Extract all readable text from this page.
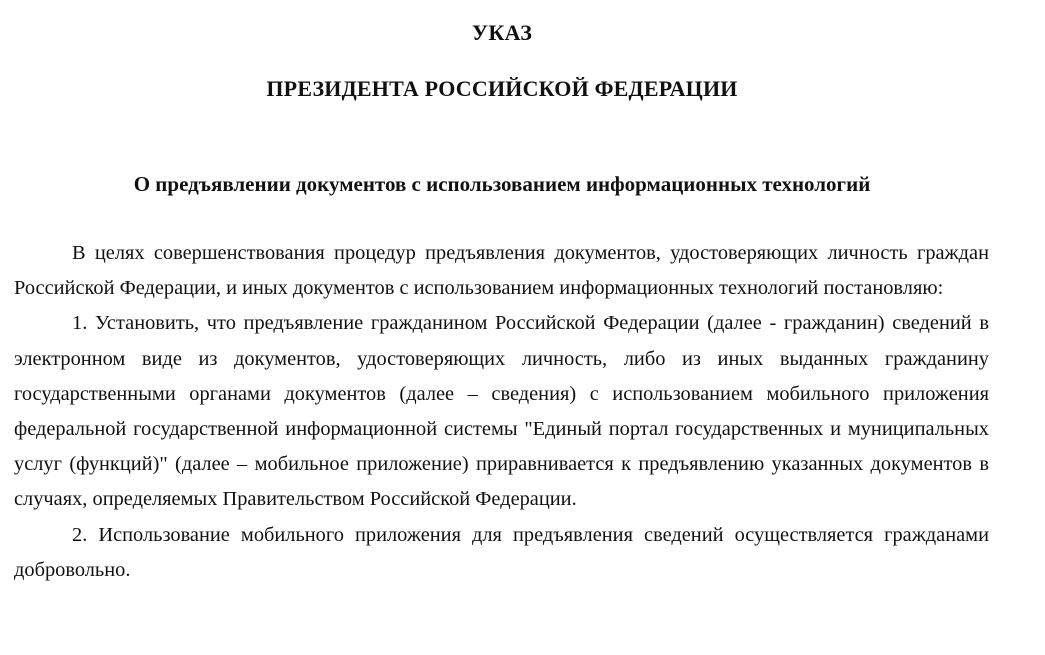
УКАЗ
ПРЕЗИДЕНТА РОССИЙСКОЙ ФЕДЕРАЦИИ
О предъявлении документов с использованием информационных технологий

В целях совершенствования процедур предъявления документов, удостоверяющих личность граждан Российской Федерации, и иных документов с использованием информационных технологий постановляю:

1. Установить, что предъявление гражданином Российской Федерации (далее - гражданин) сведений в электронном виде из документов, удостоверяющих личность, либо из иных выданных гражданину государственными органами документов (далее – сведения) с использованием мобильного приложения федеральной государственной информационной системы "Единый портал государственных и муниципальных услуг (функций)" (далее – мобильное приложение) приравнивается к предъявлению указанных документов в случаях, определяемых Правительством Российской Федерации.

2. Использование мобильного приложения для предъявления сведений осуществляется гражданами добровольно.
